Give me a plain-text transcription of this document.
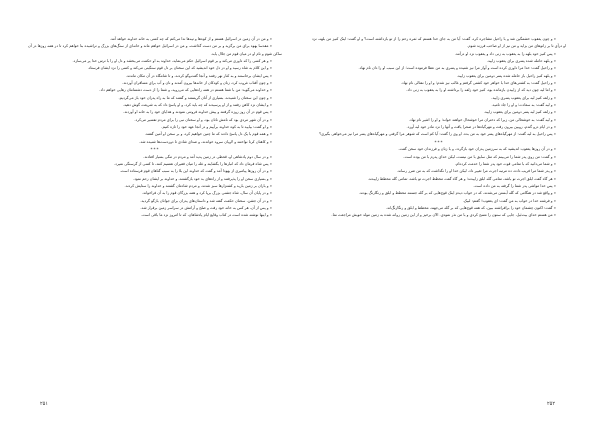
« و من در آن زمین در اسرائیل هستم و از کوه‌ها و تپه‌ها ندا می‌کنم که چه کسی به خانه خداوند خواهد آمد.

« مقدسا یهوه برای من برگزید و بر من دست گذاشت، و من در اسرائیل خواهم ماند و خانه‌ای از سنگ‌های بزرگ و تراشیده بنا خواهم کرد تا در همه روزها در آن ساکن شوم و نام او در میان قوم من جلال یابد.

« و هر کسی را که داوری می‌کند و بر قوم اسرائیل حکم می‌نماید، خداوند به او حکمت می‌بخشد و دل او را با ترس خدا پر می‌سازد.

« و این کلام به شاه رسید و او در دل خود اندیشید که این سخنان بر دل قوم سنگینی می‌کند و کسی را نزد ایشان فرستاد.

« پس ایشان برخاستند و به کنار نهر رفتند و آنجا گفت‌وگو کردند، و تا شامگاه در آن مکان ماندند.

« و چون آفتاب غروب کرد، زنان و کودکان از خانه‌ها بیرون آمدند و نان و آب برای مسافران آوردند.

« و خداوند می‌گوید: من با شما هستم در همه راه‌هایی که می‌روید، و شما را از دست دشمنانتان رهایی خواهم داد.

« و چون این سخنان را شنیدند، بسیاری از آنان گریستند و گفتند که ما به راه پدران خود باز می‌گردیم.

« و ایشان نزد کاهن رفتند و از او پرسیدند که چه باید کرد، و او پاسخ داد که به شریعت گوش دهید.

« پس قوم در آن روز روزه گرفتند و پیش خداوند فروتنی نمودند و هدایای خود را به خانه او آوردند.

« و در آن شهر مردی بود که نامش ناتان بود، و او سخنان نبی را برای مردم تفسیر می‌کرد.

« و او گفت: بیایید تا به کوه خداوند برآییم و در آنجا عهد خود را تازه کنیم.

« و همه قوم با یک دل پاسخ دادند که ما چنین خواهیم کرد، و بر سخن او آمین گفتند.

« و کاهنان کرنا نواختند و لاویان سرود خواندند، و صدای شادی تا دوردست‌ها شنیده شد.

***

« و در سال دوم پادشاهی او، قحطی در زمین پدید آمد و مردم در تنگی بسیار افتادند.

« پس شاه فرمان داد که انبارها را بگشایند و غله را میان فقیران تقسیم کنند، تا کسی از گرسنگی نمیرد.

« و در آن روزها پیامبری از یهودا آمد و گفت که خداوند این بلا را به سبب گناهان قوم فرستاده است.

« و بسیاری سخن او را پذیرفتند و از راه‌های بد خود بازگشتند، و خداوند بر ایشان رحم نمود.

« و باران بر زمین بارید و کشتزارها سبز شدند، و مردم شادمان گشتند و خداوند را ستایش کردند.

« و در پایان آن سال، شاه جشنی بزرگ برپا کرد و همه بزرگان قوم را به آن فراخواند.

« و در آن جشن، سخنان حکمت گفته شد و داستان‌های پدران برای جوانان بازگو گردید.

« و پس از آن، هر کس به خانه خود رفت و صلح و آرامش در سراسر زمین برقرار شد.

« و اینها نوشته شده است در کتاب وقایع ایام پادشاهان، که تا امروز نزد ما باقی است.

« و چون یعقوب خشمگین شد و با راحیل مشاجره کرد، گفت: آیا من به جای خدا هستم که ثمره رحم را از تو بازداشته است؟ و او گفت: اینک کنیز من بلهه، نزد او درآی تا بر زانوهای من بزاید و من نیز از او صاحب فرزند شوم.

« پس کنیز خود بلهه را به یعقوب به زنی داد و یعقوب نزد او درآمد.

« و بلهه حامله شده پسری برای یعقوب زایید.

« و راحیل گفت: خدا مرا داوری کرده است و آواز مرا نیز شنیده و پسری به من عطا فرموده است؛ از این سبب او را دان نام نهاد.

« و بلهه کنیز راحیل باز حامله شده پسر دومین برای یعقوب زایید.

« و راحیل گفت: به کشتی‌های خدا با خواهر خود کشتی گرفتم و غالب نیز شدم؛ و او را نفتالی نام نهاد.

« و اما لیه چون دید که از زاییدن بازمانده بود، کنیز خود زلفه را برداشته او را به یعقوب به زنی داد.

« و زلفه کنیز لیه برای یعقوب پسری زایید.

« و لیه گفت: به سعادت؛ و او را جاد نامید.

« و زلفه کنیز لیه پسر دومین برای یعقوب زایید.

« و لیه گفت: به خوشحالی من، زیرا که دختران مرا خوشحال خواهند خواند؛ و او را اشیر نام نهاد.

« و در ایام درو گندم، روبین بیرون رفت و مهرگیاه‌ها در صحرا یافت و آنها را نزد مادر خود لیه آورد.

« پس راحیل به لیه گفت: از مهرگیاه‌های پسر خود به من بده. او وی را گفت: آیا کم است که شوهر مرا گرفتی و مهرگیاه‌های پسر مرا نیز می‌خواهی بگیری؟

***

« و در آن روزها یعقوب اندیشید که به سرزمین پدران خود بازگردد، و با زنان و فرزندان خود سخن گفت.

« و گفت: من روی پدر شما را می‌بینم که مثل سابق با من نیست، لیکن خدای پدرم با من بوده است.

« و شما می‌دانید که با تمامی قوت خود پدر شما را خدمت کرده‌ام.

« و پدر شما مرا فریب داده، ده مرتبه اجرت مرا تغییر داد، لیکن خدا او را نگذاشت که به من ضرر رساند.

« هر گاه گفت ابلق اجرت تو باشد، تمامی گله ابلق زاییدند؛ و هر گاه گفت مخطط اجرت تو باشد، تمامی گله مخطط زاییدند.

« پس خدا مواشی پدر شما را گرفته به من داده است.

« و واقع شد در هنگامی که گله آبستن می‌شدند، که در خواب دیدم اینک قوچ‌هایی که بر گله جستند مخطط و ابلق و رنگارنگ بودند.

« و فرشته خدا در خواب به من گفت: ای یعقوب! گفتم: لبیک.

« گفت: اکنون چشمان خود را برافراشته ببین، که همه قوچ‌هایی که بر گله می‌جهند، مخطط و ابلق و رنگارنگ‌اند.

« من هستم خدای بیت‌ئیل، جایی که ستون را مسح کردی و با من نذر نمودی. الآن برخیز و از این زمین روانه شده به زمین مولد خویش مراجعت نما.

۲۵۱	۲۵۲
